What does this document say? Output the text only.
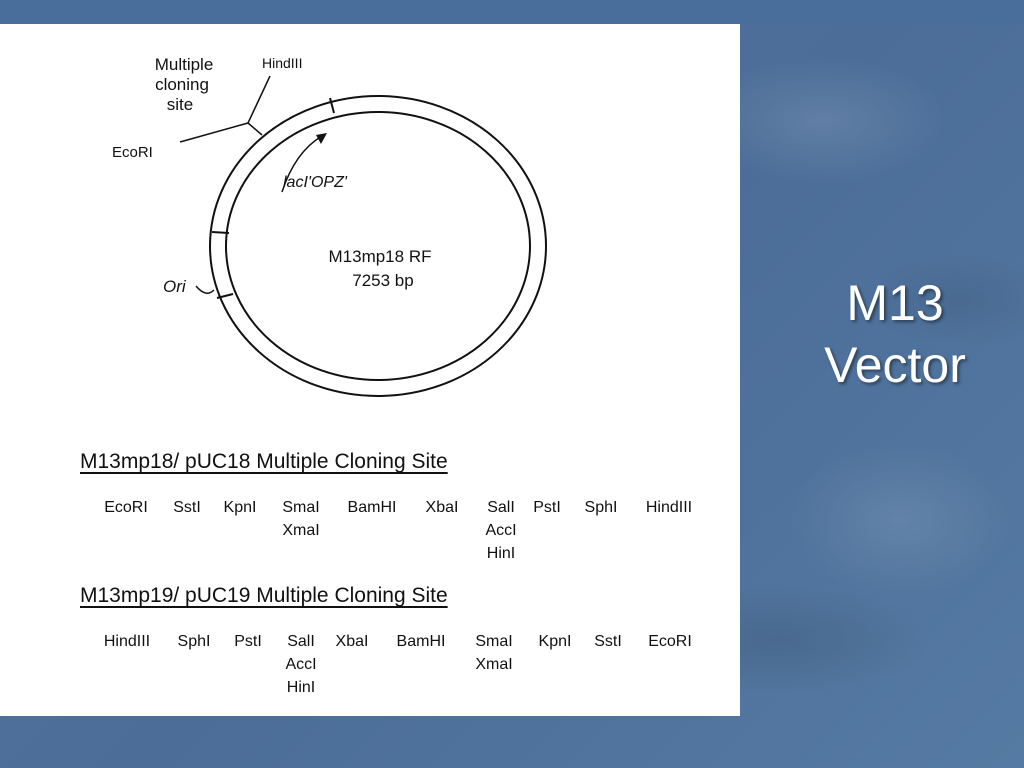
Multiple
cloning
site
HindIII
EcoRI
lacI'OPZ'
Ori
M13mp18 RF
7253 bp
M13mp18/ pUC18 Multiple Cloning Site
EcoRI	SstI	KpnI	SmaI
XmaI
BamHI	XbaI	SalI
AccI
HinI
PstI	SphI	HindIII
M13mp19/ pUC19 Multiple Cloning Site
HindIII	SphI	PstI	SalI
AccI
HinI
XbaI	BamHI	SmaI
XmaI
KpnI	SstI	EcoRI
M13
Vector
